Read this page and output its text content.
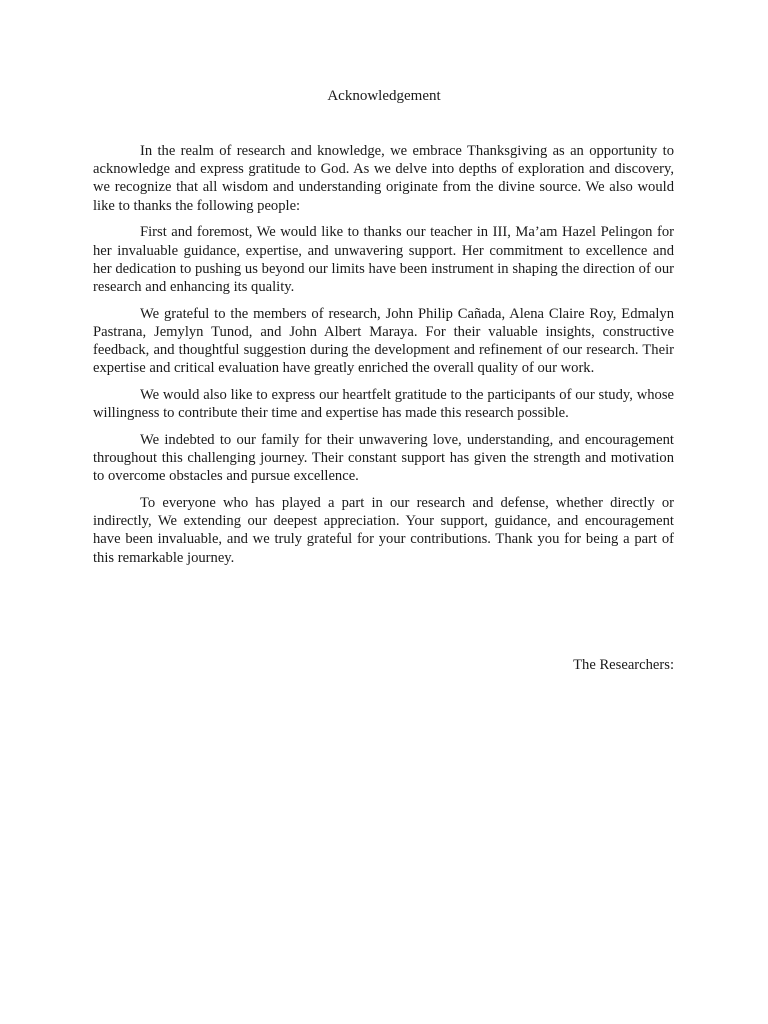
Acknowledgement

In the realm of research and knowledge, we embrace Thanksgiving as an opportunity to acknowledge and express gratitude to God. As we delve into depths of exploration and discovery, we recognize that all wisdom and understanding originate from the divine source. We also would like to thanks the following people:

First and foremost, We would like to thanks our teacher in III, Ma’am Hazel Pelingon for her invaluable guidance, expertise, and unwavering support. Her commitment to excellence and her dedication to pushing us beyond our limits have been instrument in shaping the direction of our research and enhancing its quality.

We grateful to the members of research, John Philip Cañada, Alena Claire Roy, Edmalyn Pastrana, Jemylyn Tunod, and John Albert Maraya. For their valuable insights, constructive feedback, and thoughtful suggestion during the development and refinement of our research. Their expertise and critical evaluation have greatly enriched the overall quality of our work.

We would also like to express our heartfelt gratitude to the participants of our study, whose willingness to contribute their time and expertise has made this research possible.

We indebted to our family for their unwavering love, understanding, and encouragement throughout this challenging journey. Their constant support has given the strength and motivation to overcome obstacles and pursue excellence.

To everyone who has played a part in our research and defense, whether directly or indirectly, We extending our deepest appreciation. Your support, guidance, and encouragement have been invaluable, and we truly grateful for your contributions. Thank you for being a part of this remarkable journey.

The Researchers:
